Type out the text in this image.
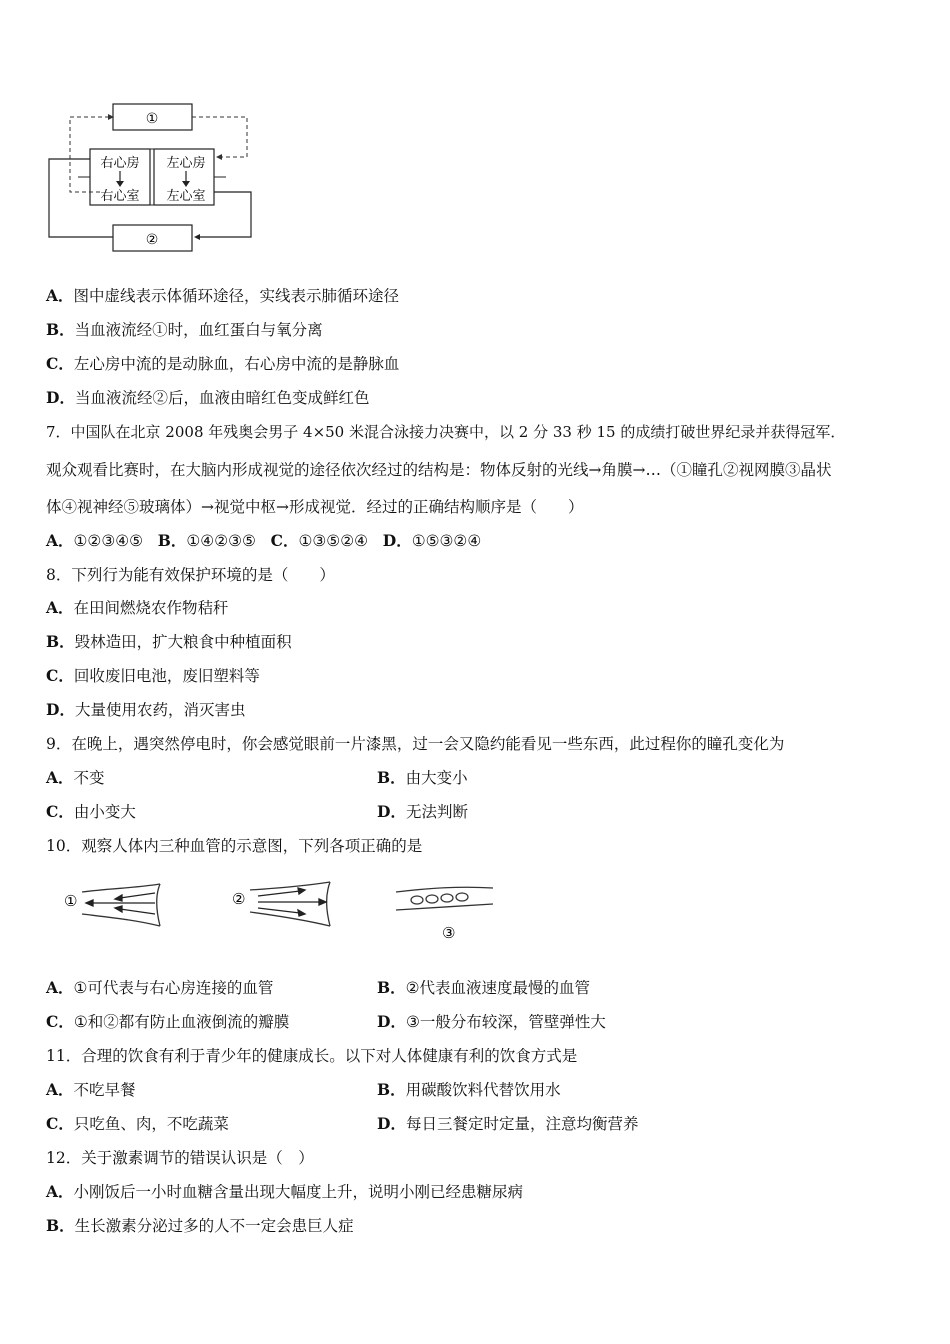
①
右心房 左心房
右心室 左心室
②
A．图中虚线表示体循环途径，实线表示肺循环途径
B．当血液流经①时，血红蛋白与氧分离
C．左心房中流的是动脉血，右心房中流的是静脉血
D．当血液流经②后，血液由暗红色变成鲜红色
7．中国队在北京 2008 年残奥会男子 4×50 米混合泳接力决赛中，以 2 分 33 秒 15 的成绩打破世界纪录并获得冠军．
观众观看比赛时，在大脑内形成视觉的途径依次经过的结构是：物体反射的光线→角膜→…（①瞳孔②视网膜③晶状
体④视神经⑤玻璃体）→视觉中枢→形成视觉．经过的正确结构顺序是（　　）
A．①②③④⑤ B．①④②③⑤ C．①③⑤②④ D．①⑤③②④
8．下列行为能有效保护环境的是（　　）
A．在田间燃烧农作物秸秆
B．毁林造田，扩大粮食中种植面积
C．回收废旧电池，废旧塑料等
D．大量使用农药，消灭害虫
9．在晚上，遇突然停电时，你会感觉眼前一片漆黑，过一会又隐约能看见一些东西，此过程你的瞳孔变化为
A．不变	B．由大变小
C．由小变大	D．无法判断
10．观察人体内三种血管的示意图，下列各项正确的是
①	②
③
A．①可代表与右心房连接的血管	B．②代表血液速度最慢的血管
C．①和②都有防止血液倒流的瓣膜	D．③一般分布较深，管壁弹性大
11．合理的饮食有利于青少年的健康成长。以下对人体健康有利的饮食方式是
A．不吃早餐	B．用碳酸饮料代替饮用水
C．只吃鱼、肉，不吃蔬菜	D．每日三餐定时定量，注意均衡营养
12．关于激素调节的错误认识是（　）
A．小刚饭后一小时血糖含量出现大幅度上升，说明小刚已经患糖尿病
B．生长激素分泌过多的人不一定会患巨人症
